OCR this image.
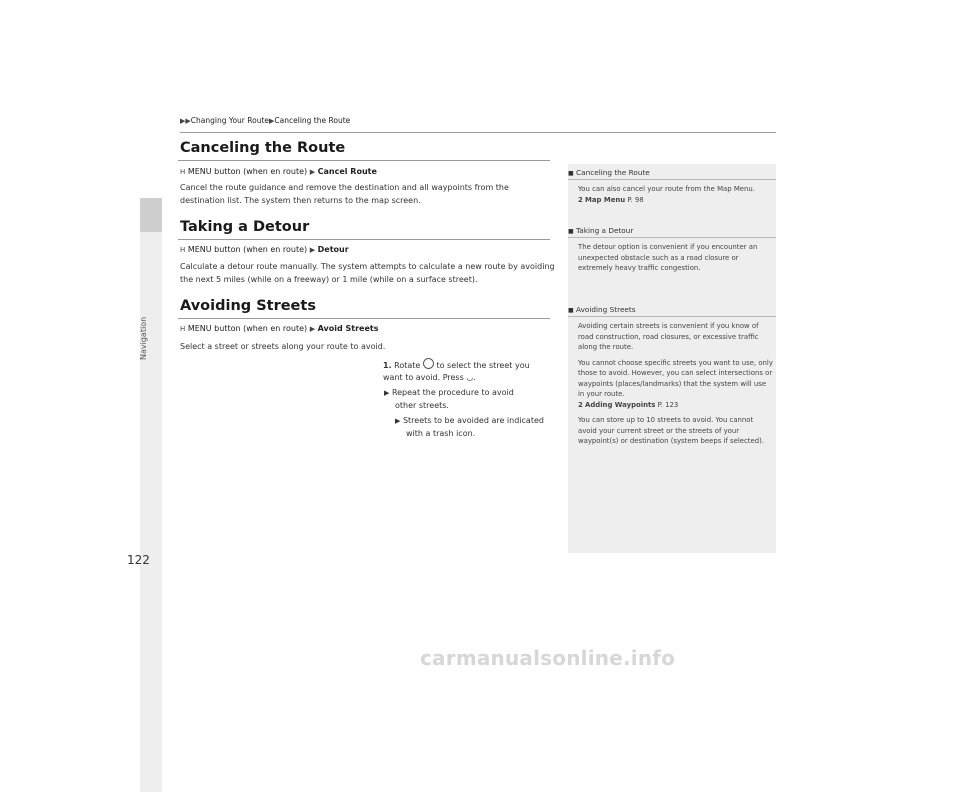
Navigation
▶▶Changing Your Route▶Canceling the Route
Canceling the Route
H MENU button (when en route) ▶ Cancel Route
Cancel the route guidance and remove the destination and all waypoints from the destination list. The system then returns to the map screen.
Taking a Detour
H MENU button (when en route) ▶ Detour
Calculate a detour route manually. The system attempts to calculate a new route by avoiding the next 5 miles (while on a freeway) or 1 mile (while on a surface street).
Avoiding Streets
H MENU button (when en route) ▶ Avoid Streets
Select a street or streets along your route to avoid.
1. Rotate to select the street you want to avoid. Press ◡.
▶ Repeat the procedure to avoid other streets.
▶ Streets to be avoided are indicated with a trash icon.
■ Canceling the Route

You can also cancel your route from the Map Menu.
2 Map Menu P. 98

■ Taking a Detour

The detour option is convenient if you encounter an unexpected obstacle such as a road closure or extremely heavy traffic congestion.

■ Avoiding Streets

Avoiding certain streets is convenient if you know of road construction, road closures, or excessive traffic along the route.

You cannot choose specific streets you want to use, only those to avoid. However, you can select intersections or waypoints (places/landmarks) that the system will use in your route.
2 Adding Waypoints P. 123

You can store up to 10 streets to avoid. You cannot avoid your current street or the streets of your waypoint(s) or destination (system beeps if selected).

122
carmanualsonline.info
